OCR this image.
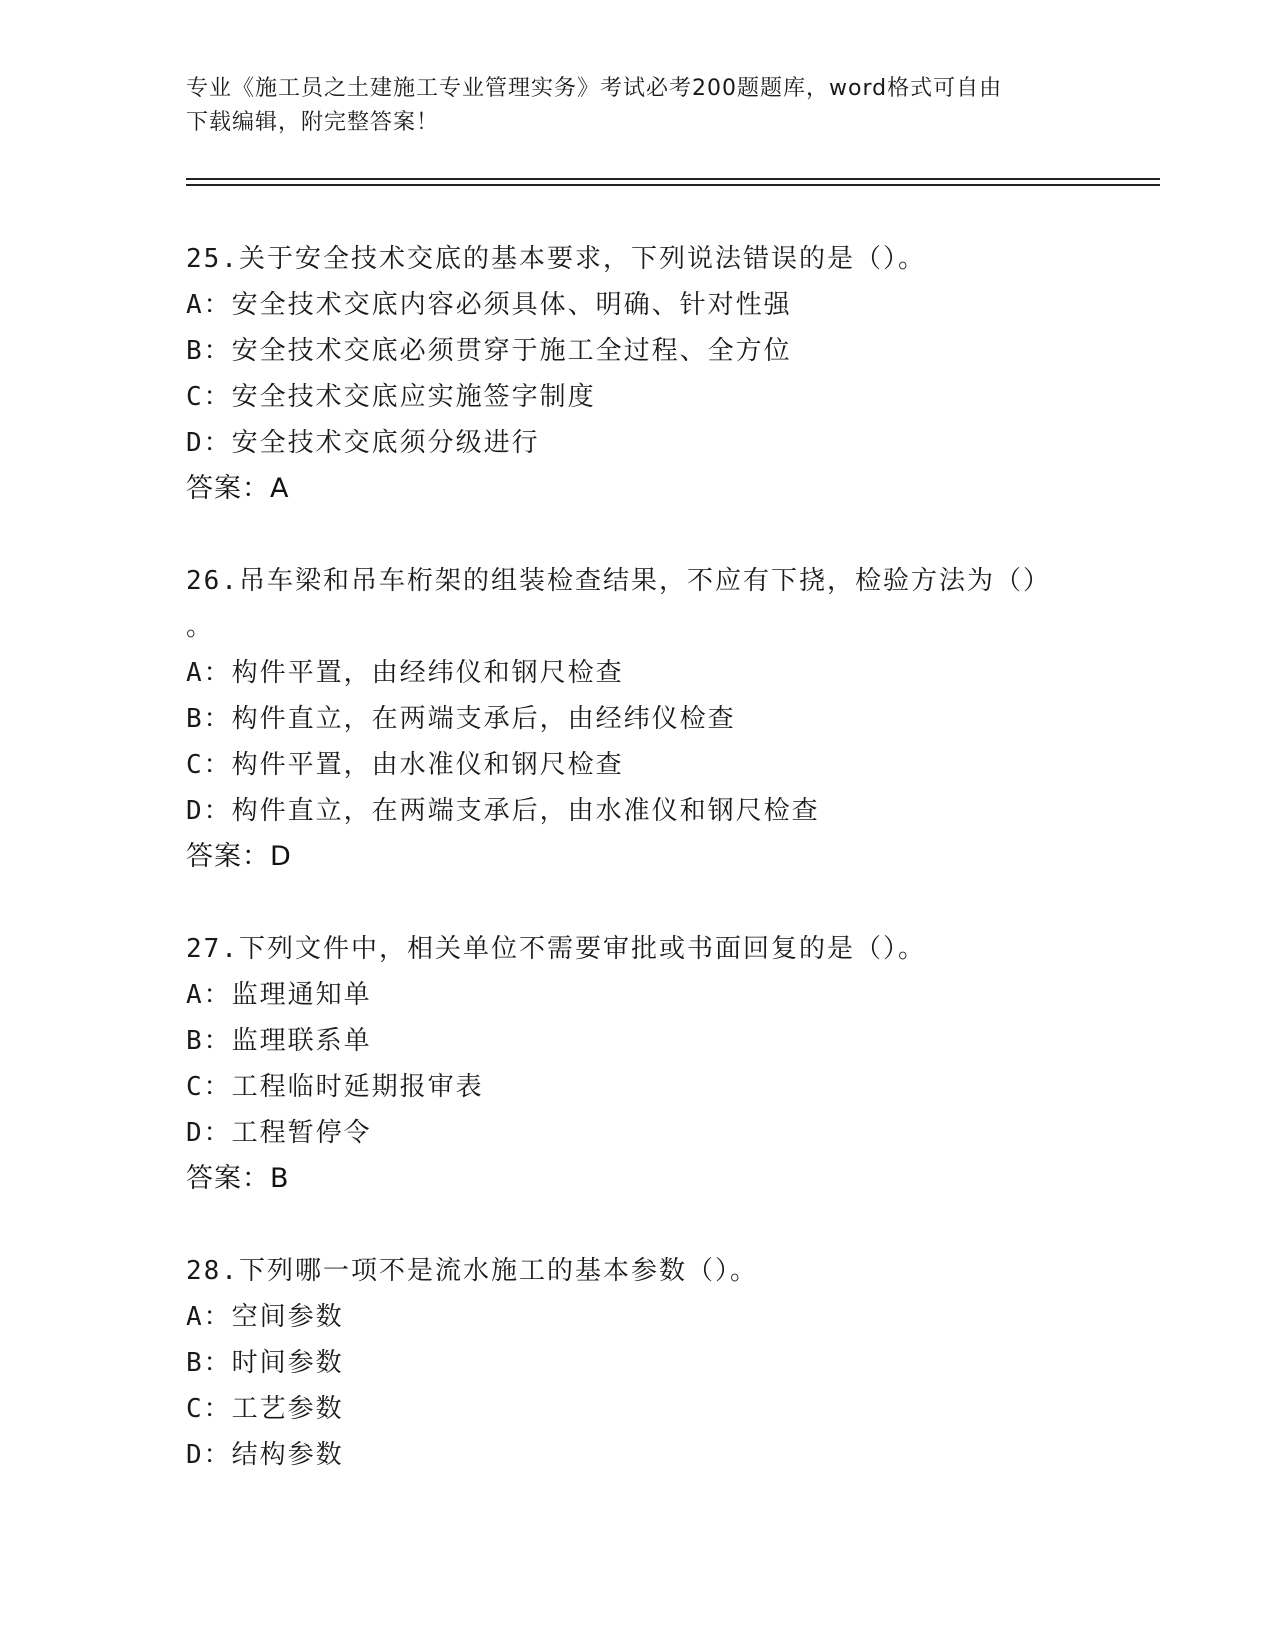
专业《施工员之土建施工专业管理实务》考试必考200题题库，word格式可自由
下载编辑，附完整答案！
25.关于安全技术交底的基本要求，下列说法错误的是（）。
A：安全技术交底内容必须具体、明确、针对性强
B：安全技术交底必须贯穿于施工全过程、全方位
C：安全技术交底应实施签字制度
D：安全技术交底须分级进行
答案：A
26.吊车梁和吊车桁架的组装检查结果，不应有下挠，检验方法为（）
。
A：构件平置，由经纬仪和钢尺检查
B：构件直立，在两端支承后，由经纬仪检查
C：构件平置，由水准仪和钢尺检查
D：构件直立，在两端支承后，由水准仪和钢尺检查
答案：D
27.下列文件中，相关单位不需要审批或书面回复的是（）。
A：监理通知单
B：监理联系单
C：工程临时延期报审表
D：工程暂停令
答案：B
28.下列哪一项不是流水施工的基本参数（）。
A：空间参数
B：时间参数
C：工艺参数
D：结构参数
